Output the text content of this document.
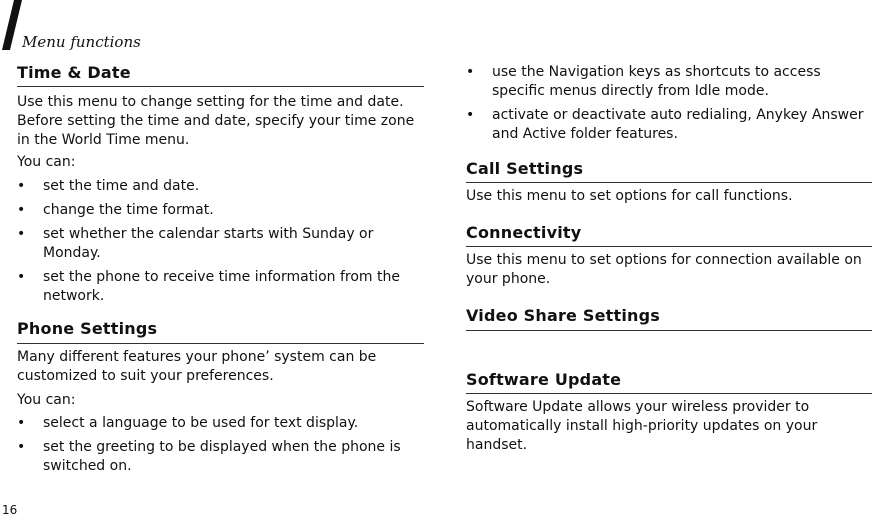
Menu functions
Time & Date
Use this menu to change setting for the time and date. Before setting the time and date, specify your time zone in the World Time menu.
You can:
• set the time and date.
• change the time format.
• set whether the calendar starts with Sunday or Monday.
• set the phone to receive time information from the network.
Phone Settings
Many different features your phone’ system can be customized to suit your preferences.
You can:
• select a language to be used for text display.
• set the greeting to be displayed when the phone is switched on.
• use the Navigation keys as shortcuts to access specific menus directly from Idle mode.
• activate or deactivate auto redialing, Anykey Answer and Active folder features.
Call Settings
Use this menu to set options for call functions.
Connectivity
Use this menu to set options for connection available on your phone.
Video Share Settings
Software Update
Software Update allows your wireless provider to automatically install high-priority updates on your handset.
16
